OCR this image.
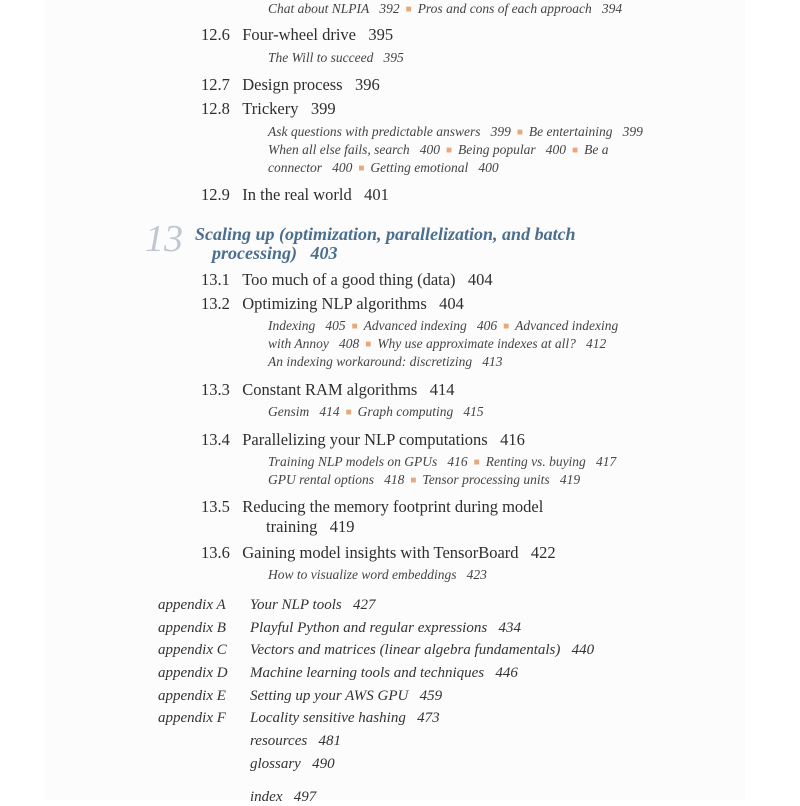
Chat about NLPIA 392 ■ Pros and cons of each approach 394
12.6 Four-wheel drive 395
The Will to succeed 395
12.7 Design process 396
12.8 Trickery 399
Ask questions with predictable answers 399 ■ Be entertaining 399
When all else fails, search 400 ■ Being popular 400 ■ Be a
connector 400 ■ Getting emotional 400
12.9 In the real world 401
13 Scaling up (optimization, parallelization, and batch
processing) 403
13.1 Too much of a good thing (data) 404
13.2 Optimizing NLP algorithms 404
Indexing 405 ■ Advanced indexing 406 ■ Advanced indexing
with Annoy 408 ■ Why use approximate indexes at all? 412
An indexing workaround: discretizing 413
13.3 Constant RAM algorithms 414
Gensim 414 ■ Graph computing 415
13.4 Parallelizing your NLP computations 416
Training NLP models on GPUs 416 ■ Renting vs. buying 417
GPU rental options 418 ■ Tensor processing units 419
13.5 Reducing the memory footprint during model
training 419
13.6 Gaining model insights with TensorBoard 422
How to visualize word embeddings 423
appendix A Your NLP tools 427
appendix B Playful Python and regular expressions 434
appendix C Vectors and matrices (linear algebra fundamentals) 440
appendix D Machine learning tools and techniques 446
appendix E Setting up your AWS GPU 459
appendix F Locality sensitive hashing 473
resources 481
glossary 490
index 497
